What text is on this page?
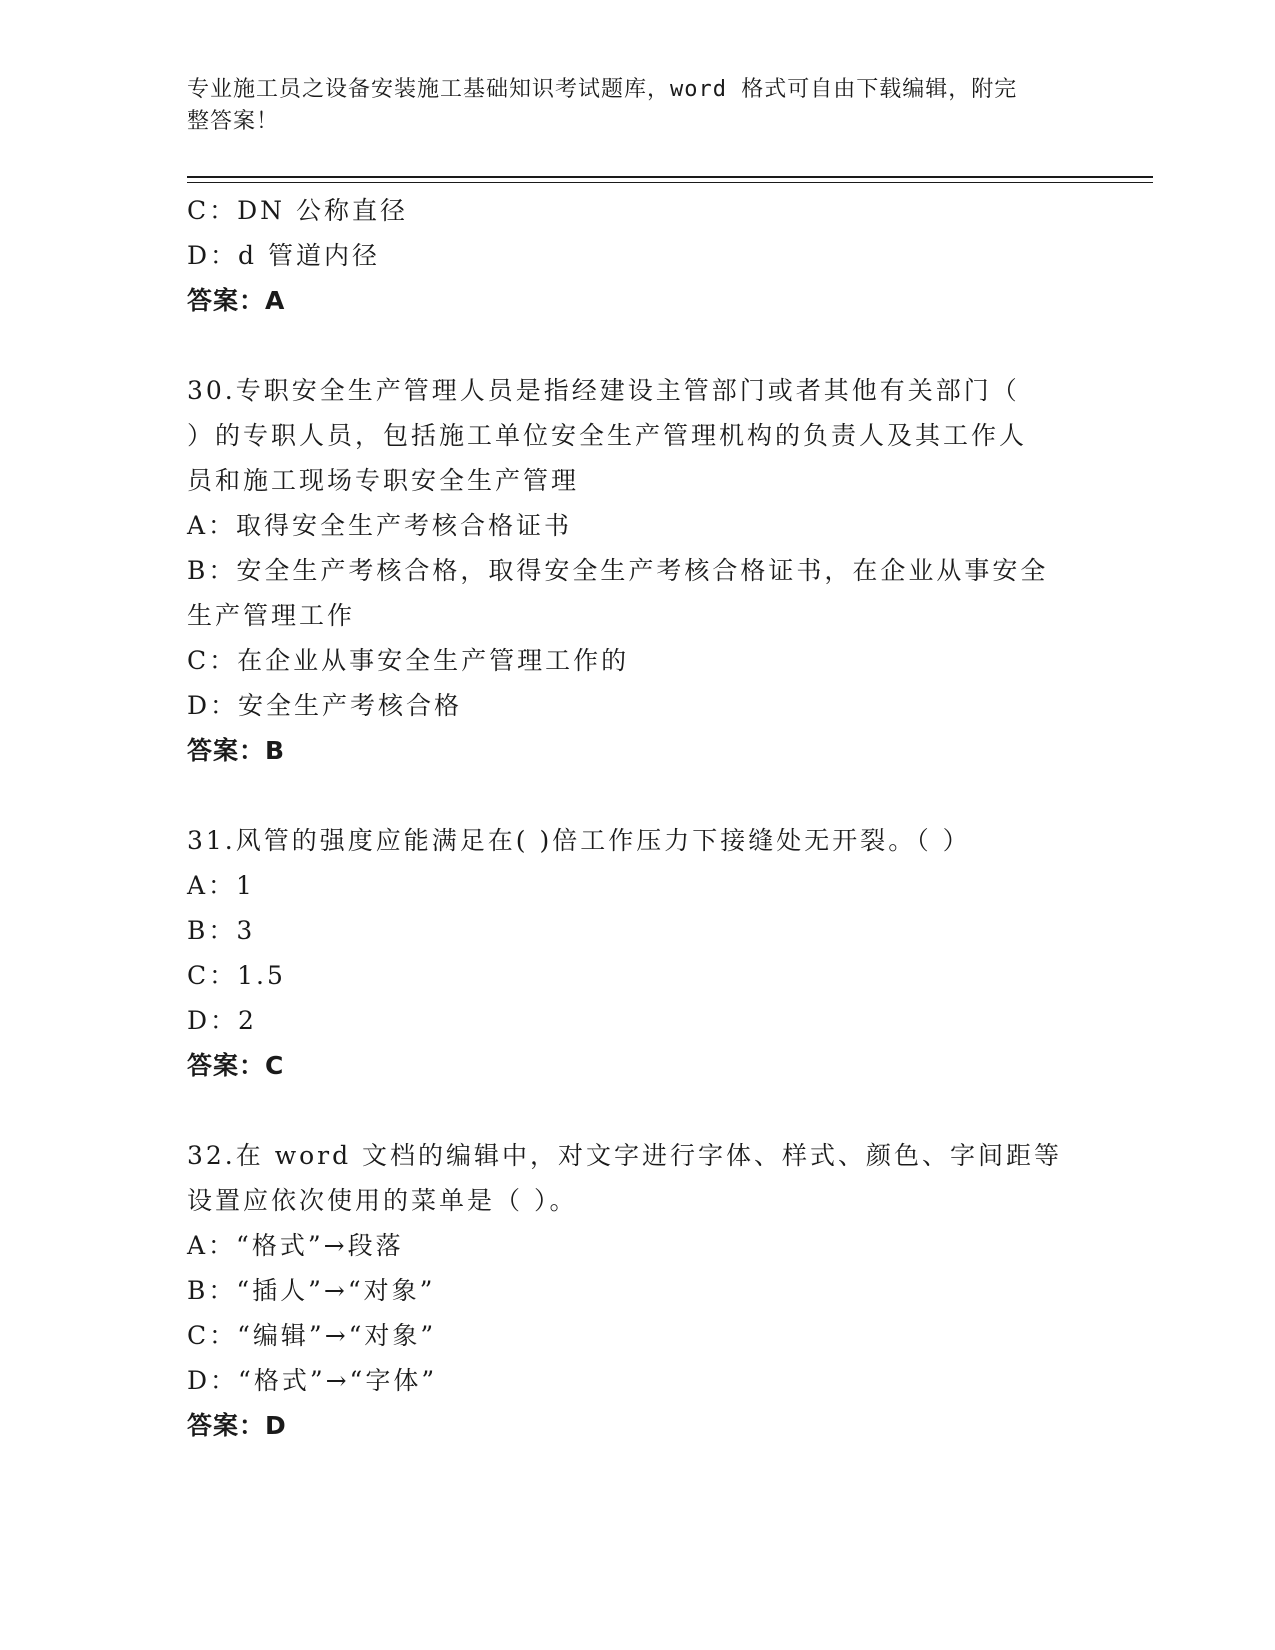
专业施工员之设备安装施工基础知识考试题库，word 格式可自由下载编辑，附完
整答案！
C：DN 公称直径
D：d 管道内径
答案：A
30.专职安全生产管理人员是指经建设主管部门或者其他有关部门（
）的专职人员，包括施工单位安全生产管理机构的负责人及其工作人
员和施工现场专职安全生产管理
A：取得安全生产考核合格证书
B：安全生产考核合格，取得安全生产考核合格证书，在企业从事安全
生产管理工作
C：在企业从事安全生产管理工作的
D：安全生产考核合格
答案：B
31.风管的强度应能满足在( )倍工作压力下接缝处无开裂。（ ）
A：1
B：3
C：1.5
D：2
答案：C
32.在 word 文档的编辑中，对文字进行字体、样式、颜色、字间距等
设置应依次使用的菜单是（ ）。
A：“格式”→段落
B：“插人”→“对象”
C：“编辑”→“对象”
D：“格式”→“字体”
答案：D
